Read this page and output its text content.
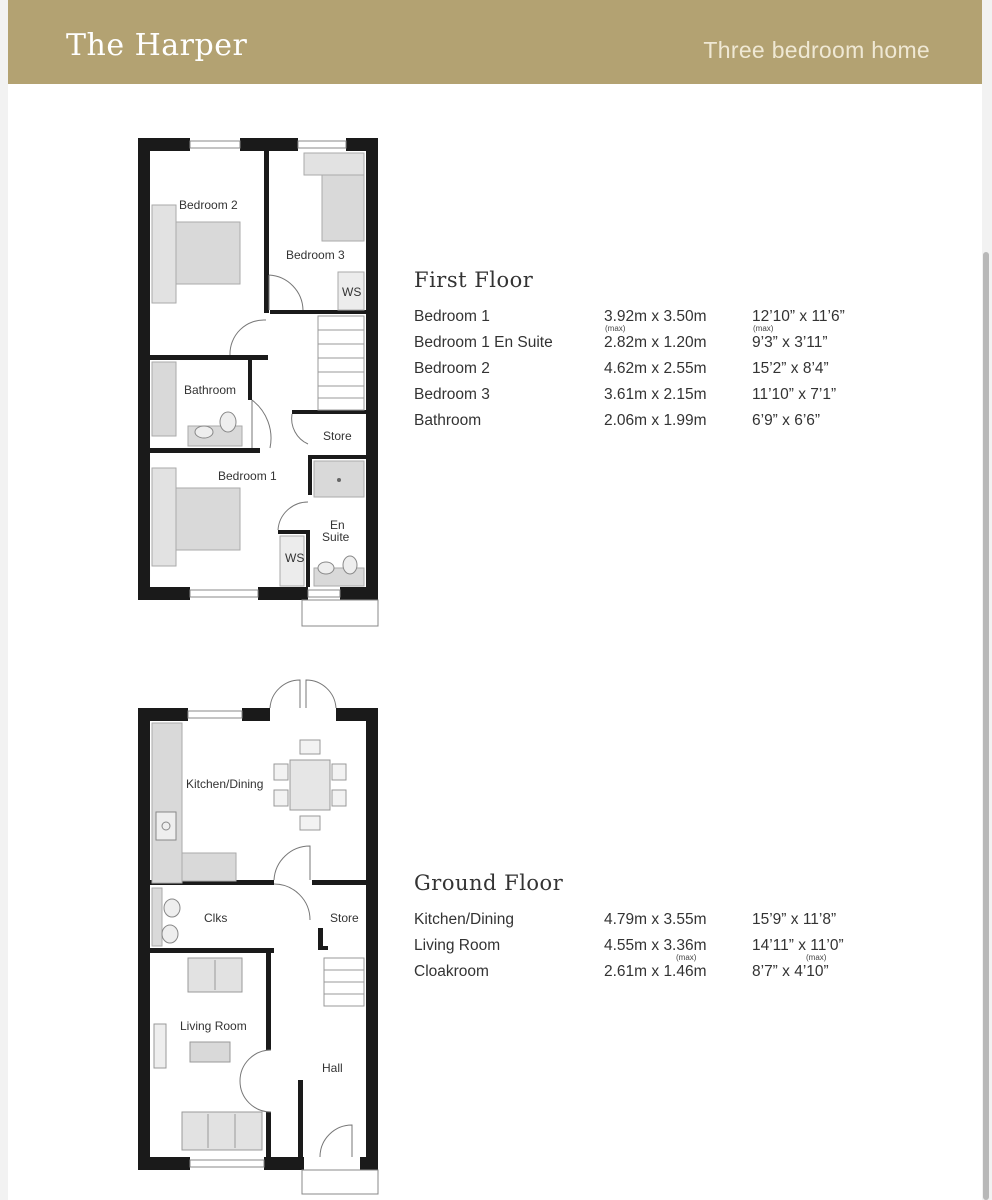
The Harper	Three bedroom home
Bedroom 2
Bedroom 3
WS
Bathroom
Store
Bedroom 1
En
Suite
WS
Kitchen/Dining
Clks	Store
Living Room
Hall
First Floor
Bedroom 1	3.92m x 3.50m	12’10” x 11’6”
(max)	(max)
Bedroom 1 En Suite	2.82m x 1.20m	9’3” x 3’11”
Bedroom 2	4.62m x 2.55m	15’2” x 8’4”
Bedroom 3	3.61m x 2.15m	11’10” x 7’1”
Bathroom	2.06m x 1.99m	6’9” x 6’6”
Ground Floor
Kitchen/Dining	4.79m x 3.55m	15’9” x 11’8”
Living Room	4.55m x 3.36m	14’11” x 11’0”
(max)	(max)
Cloakroom	2.61m x 1.46m	8’7” x 4’10”
